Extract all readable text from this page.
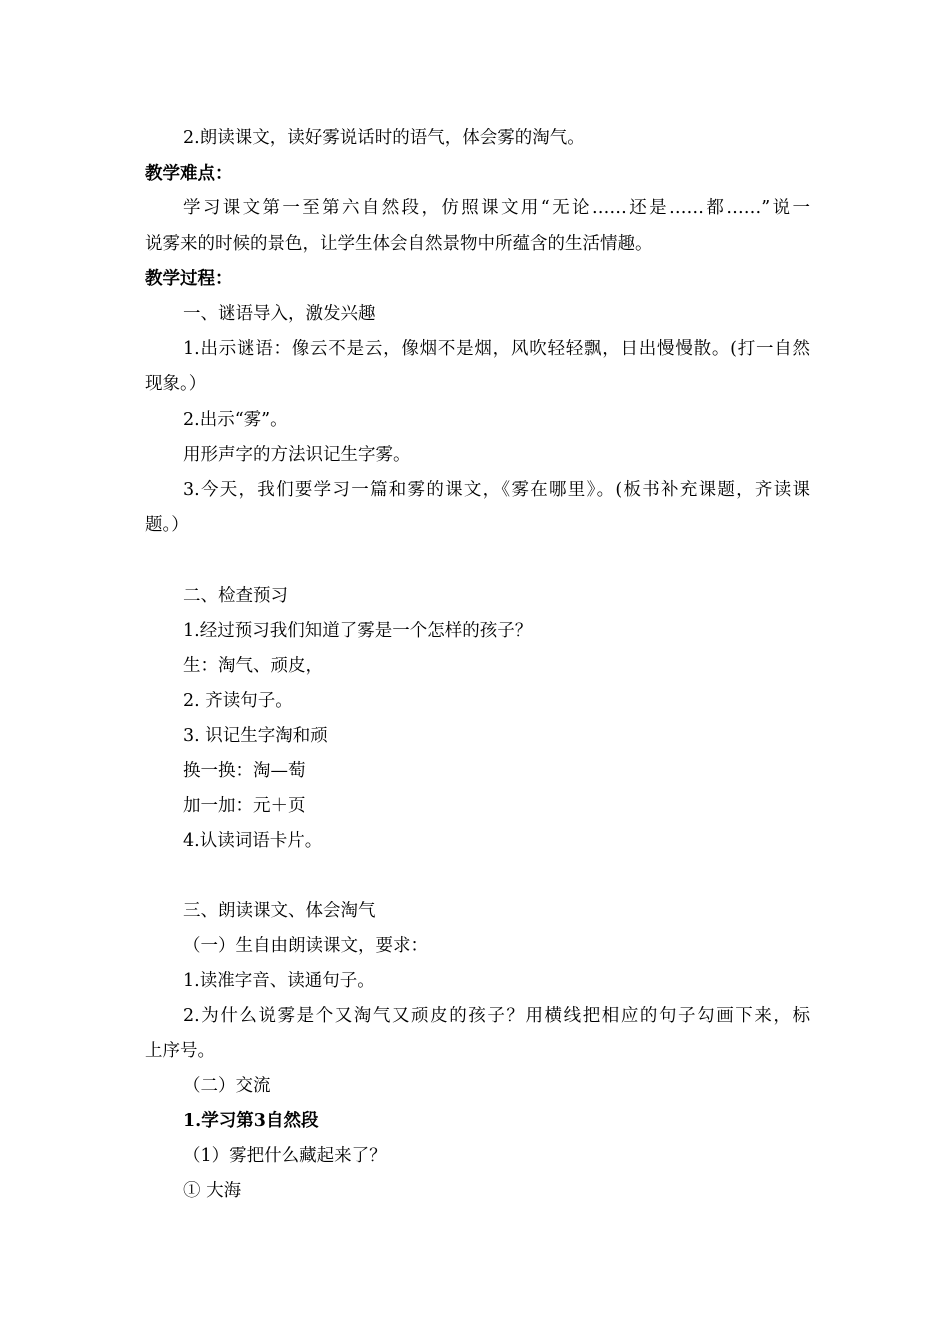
2.朗读课文，读好雾说话时的语气，体会雾的淘气。
教学难点：
学习课文第一至第六自然段，仿照课文用“无论……还是……都……”说一
说雾来的时候的景色，让学生体会自然景物中所蕴含的生活情趣。
教学过程：
一、谜语导入，激发兴趣
1.出示谜语：像云不是云，像烟不是烟，风吹轻轻飘，日出慢慢散。(打一自然
现象。）
2.出示“雾”。
用形声字的方法识记生字雾。
3.今天，我们要学习一篇和雾的课文，《雾在哪里》。(板书补充课题，齐读课
题。）
二、检查预习
1.经过预习我们知道了雾是一个怎样的孩子？
生：淘气、顽皮，
2. 齐读句子。
3. 识记生字淘和顽
换一换：淘—萄
加一加：元＋页
4.认读词语卡片。
三、朗读课文、体会淘气
（一）生自由朗读课文，要求：
1.读准字音、读通句子。
2.为什么说雾是个又淘气又顽皮的孩子？用横线把相应的句子勾画下来，标
上序号。
（二）交流
1.学习第3自然段
（1）雾把什么藏起来了？
① 大海
